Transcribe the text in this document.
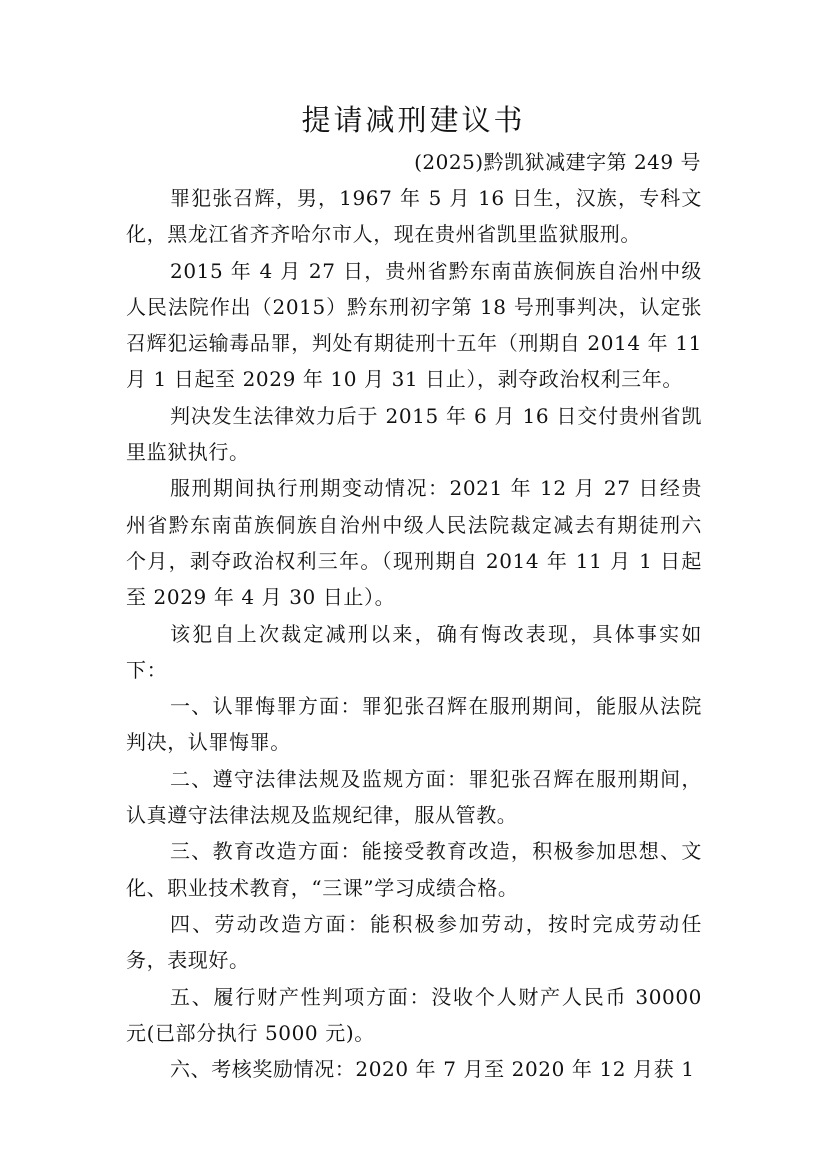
提请减刑建议书
(2025)黔凯狱减建字第 249 号

罪犯张召辉，男，1967 年 5 月 16 日生，汉族，专科文化，黑龙江省齐齐哈尔市人，现在贵州省凯里监狱服刑。

2015 年 4 月 27 日，贵州省黔东南苗族侗族自治州中级人民法院作出（2015）黔东刑初字第 18 号刑事判决，认定张召辉犯运输毒品罪，判处有期徒刑十五年（刑期自 2014 年 11 月 1 日起至 2029 年 10 月 31 日止），剥夺政治权利三年。

判决发生法律效力后于 2015 年 6 月 16 日交付贵州省凯里监狱执行。

服刑期间执行刑期变动情况：2021 年 12 月 27 日经贵州省黔东南苗族侗族自治州中级人民法院裁定减去有期徒刑六个月，剥夺政治权利三年。（现刑期自 2014 年 11 月 1 日起至 2029 年 4 月 30 日止）。

该犯自上次裁定减刑以来，确有悔改表现，具体事实如下：

一、认罪悔罪方面：罪犯张召辉在服刑期间，能服从法院判决，认罪悔罪。

二、遵守法律法规及监规方面：罪犯张召辉在服刑期间，认真遵守法律法规及监规纪律，服从管教。

三、教育改造方面：能接受教育改造，积极参加思想、文化、职业技术教育，“三课”学习成绩合格。

四、劳动改造方面：能积极参加劳动，按时完成劳动任务，表现好。

五、履行财产性判项方面：没收个人财产人民币 30000 元(已部分执行 5000 元)。

六、考核奖励情况：2020 年 7 月至 2020 年 12 月获 1
